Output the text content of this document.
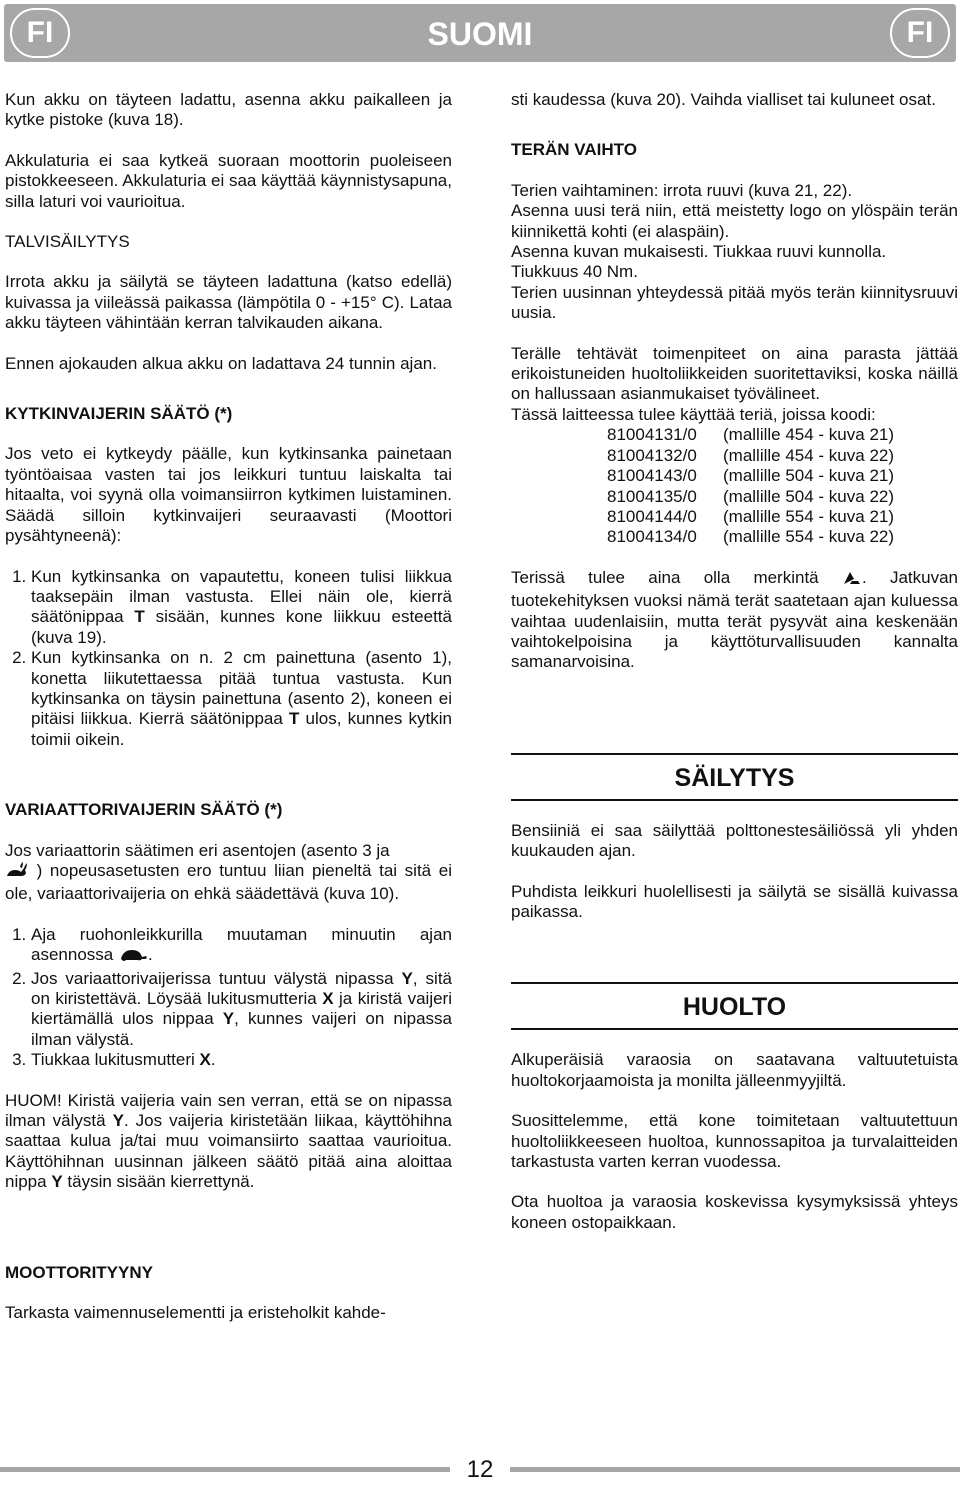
FI	SUOMI	FI

Kun akku on täyteen ladattu, asenna akku paikalleen ja kytke pistoke (kuva 18).

Akkulaturia ei saa kytkeä suoraan moottorin puoleiseen pistokkeeseen. Akkulaturia ei saa käyttää käynnistysapuna, silla laturi voi vaurioitua.

TALVISÄILYTYS

Irrota akku ja säilytä se täyteen ladattuna (katso edellä) kuivassa ja viileässä paikassa (lämpötila 0 - +15° C). Lataa akku täyteen vähintään kerran talvikauden aikana.

Ennen ajokauden alkua akku on ladattava 24 tunnin ajan.

KYTKINVAIJERIN SÄÄTÖ (*)

Jos veto ei kytkeydy päälle, kun kytkinsanka painetaan työntöaisaa vasten tai jos leikkuri tuntuu laiskalta tai hitaalta, voi syynä olla voimansiirron kytkimen luistaminen. Säädä silloin kytkinvaijeri seuraavasti (Moottori pysähtyneenä):

1. Kun kytkinsanka on vapautettu, koneen tulisi liikkua taaksepäin ilman vastusta. Ellei näin ole, kierrä säätönippaa T sisään, kunnes kone liikkuu esteettä (kuva 19).
2. Kun kytkinsanka on n. 2 cm painettuna (asento 1), konetta liikutettaessa pitää tuntua vastusta. Kun kytkinsanka on täysin painettuna (asento 2), koneen ei pitäisi liikkua. Kierrä säätönippaa T ulos, kunnes kytkin toimii oikein.

VARIAATTORIVAIJERIN SÄÄTÖ (*)

Jos variaattorin säätimen eri asentojen (asento 3 ja
) nopeusasetusten ero tuntuu liian pieneltä tai sitä ei ole, variaattorivaijeria on ehkä säädettävä (kuva 10).

1. Aja ruohonleikkurilla muutaman minuutin ajan asennossa .
2. Jos variaattorivaijerissa tuntuu välystä nipassa Y, sitä on kiristettävä. Löysää lukitusmutteria X ja kiristä vaijeri kiertämällä ulos nippaa Y, kunnes vaijeri on nipassa ilman välystä.
3. Tiukkaa lukitusmutteri X.

HUOM! Kiristä vaijeria vain sen verran, että se on nipassa ilman välystä Y. Jos vaijeria kiristetään liikaa, käyttöhihna saattaa kulua ja/tai muu voimansiirto saattaa vaurioitua. Käyttöhihnan uusinnan jälkeen säätö pitää aina aloittaa nippa Y täysin sisään kierrettynä.

MOOTTORITYYNY

Tarkasta vaimennuselementti ja eristeholkit kahde-

sti kaudessa (kuva 20). Vaihda vialliset tai kuluneet osat.

TERÄN VAIHTO

Terien vaihtaminen: irrota ruuvi (kuva 21, 22).

Asenna uusi terä niin, että meistetty logo on ylöspäin terän kiinnikettä kohti (ei alaspäin).

Asenna kuvan mukaisesti. Tiukkaa ruuvi kunnolla.

Tiukkuus 40 Nm.

Terien uusinnan yhteydessä pitää myös terän kiinnitysruuvi uusia.

Terälle tehtävät toimenpiteet on aina parasta jättää erikoistuneiden huoltoliikkeiden suoritettaviksi, koska näillä on hallussaan asianmukaiset työvälineet.

Tässä laitteessa tulee käyttää teriä, joissa koodi:

81004131/0	(mallille 454 - kuva 21)
81004132/0	(mallille 454 - kuva 22)
81004143/0	(mallille 504 - kuva 21)
81004135/0	(mallille 504 - kuva 22)
81004144/0	(mallille 554 - kuva 21)
81004134/0	(mallille 554 - kuva 22)

Terissä tulee aina olla merkintä	. Jatkuvan tuotekehityksen vuoksi nämä terät saatetaan ajan kuluessa vaihtaa uudenlaisiin, mutta terät pysyvät aina keskenään vaihtokelpoisina ja käyttöturvallisuuden kannalta samanarvoisina.

SÄILYTYS

Bensiiniä ei saa säilyttää polttonestesäiliössä yli yhden kuukauden ajan.

Puhdista leikkuri huolellisesti ja säilytä se sisällä kuivassa paikassa.

HUOLTO

Alkuperäisiä varaosia on saatavana valtuutetuista huoltokorjaamoista ja monilta jälleenmyyjiltä.

Suosittelemme, että kone toimitetaan valtuutettuun huoltoliikkeeseen huoltoa, kunnossapitoa ja turvalaitteiden tarkastusta varten kerran vuodessa.

Ota huoltoa ja varaosia koskevissa kysymyksissä yhteys koneen ostopaikkaan.

12
